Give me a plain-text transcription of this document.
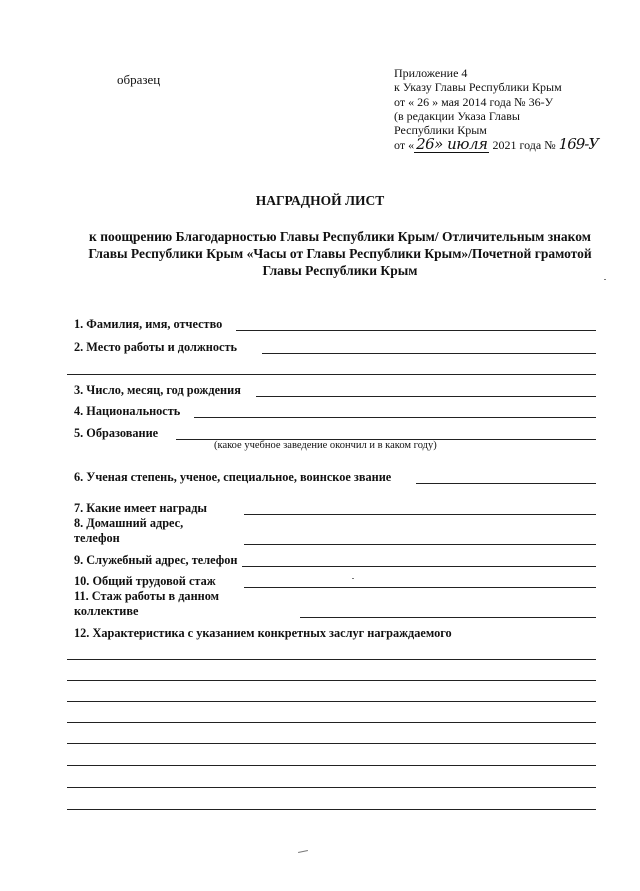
образец	Приложение 4
к Указу Главы Республики Крым
от « 26 » мая 2014 года № 36-У
(в редакции Указа Главы
Республики Крым
от « 26» июля 2021 года № 169-У
НАГРАДНОЙ ЛИСТ
к поощрению Благодарностью Главы Республики Крым/ Отличительным знаком Главы Республики Крым «Часы от Главы Республики Крым»/Почетной грамотой Главы Республики Крым
1. Фамилия, имя, отчество
2. Место работы и должность
3. Число, месяц, год рождения
4. Национальность
5. Образование
(какое учебное заведение окончил и в каком году)
6. Ученая степень, ученое, специальное, воинское звание
7. Какие имеет награды
8. Домашний адрес,
телефон
9. Служебный адрес, телефон
10. Общий трудовой стаж
11. Стаж работы в данном
коллективе
12. Характеристика с указанием конкретных заслуг награждаемого
